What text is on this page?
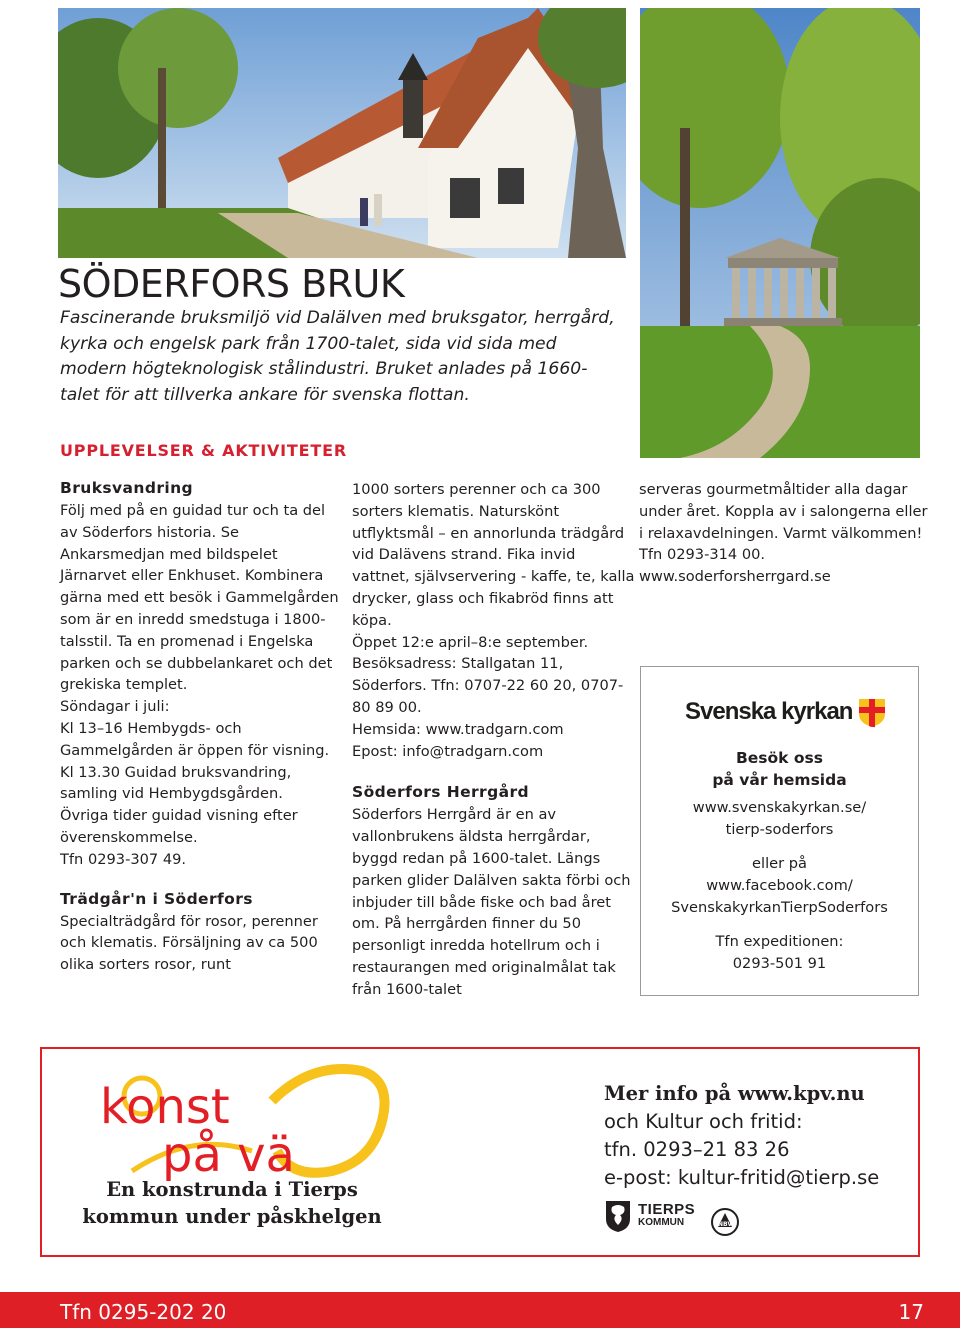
SÖDERFORS BRUK

Fascinerande bruksmiljö vid Dalälven med bruksgator, herrgård, kyrka och engelsk park från 1700-talet, sida vid sida med modern högteknologisk stålindustri. Bruket anlades på 1660-talet för att tillverka ankare för svenska flottan.

UPPLEVELSER & AKTIVITETER
Bruksvandring

Följ med på en guidad tur och ta del av Söderfors historia. Se Ankarsmedjan med bildspelet Järnarvet eller Enkhuset. Kombinera gärna med ett besök i Gammelgården som är en inredd smedstuga i 1800-talsstil. Ta en promenad i Engelska parken och se dubbelankaret och det grekiska templet.

Söndagar i juli:

Kl 13–16 Hembygds- och Gammelgården är öppen för visning.

Kl 13.30 Guidad bruksvandring, samling vid Hembygdsgården.

Övriga tider guidad visning efter överenskommelse.

Tfn 0293-307 49.

Trädgår'n i Söderfors

Specialträdgård för rosor, perenner och klematis. Försäljning av ca 500 olika sorters rosor, runt

1000 sorters perenner och ca 300 sorters klematis. Naturskönt utflyktsmål – en annorlunda trädgård vid Dalävens strand. Fika invid vattnet, självservering - kaffe, te, kalla drycker, glass och fikabröd finns att köpa.

Öppet 12:e april–8:e september.

Besöksadress: Stallgatan 11, Söderfors. Tfn: 0707-22 60 20, 0707-80 89 00.

Hemsida: www.tradgarn.com

Epost: info@tradgarn.com

Söderfors Herrgård

Söderfors Herrgård är en av vallonbrukens äldsta herrgårdar, byggd redan på 1600-talet. Längs parken glider Dalälven sakta förbi och inbjuder till både fiske och bad året om. På herrgården finner du 50 personligt inredda hotellrum och i restaurangen med originalmålat tak från 1600-talet

serveras gourmetmåltider alla dagar under året. Koppla av i salongerna eller i relaxavdelningen. Varmt välkommen!

Tfn 0293-314 00.

www.soderforsherrgard.se

Svenska kyrkan
Besök oss
på vår hemsida
www.svenskakyrkan.se/
tierp-soderfors
eller på
www.facebook.com/
SvenskakyrkanTierpSoderfors
Tfn expeditionen:
0293-501 91
konst
på vä
En konstrunda i Tierps
kommun under påskhelgen
Mer info på www.kpv.nu
och Kultur och fritid:
tfn. 0293–21 83 26
e-post: kultur-fritid@tierp.se
TIERPS
KOMMUN	NBV
Tfn 0295-202 20	17
